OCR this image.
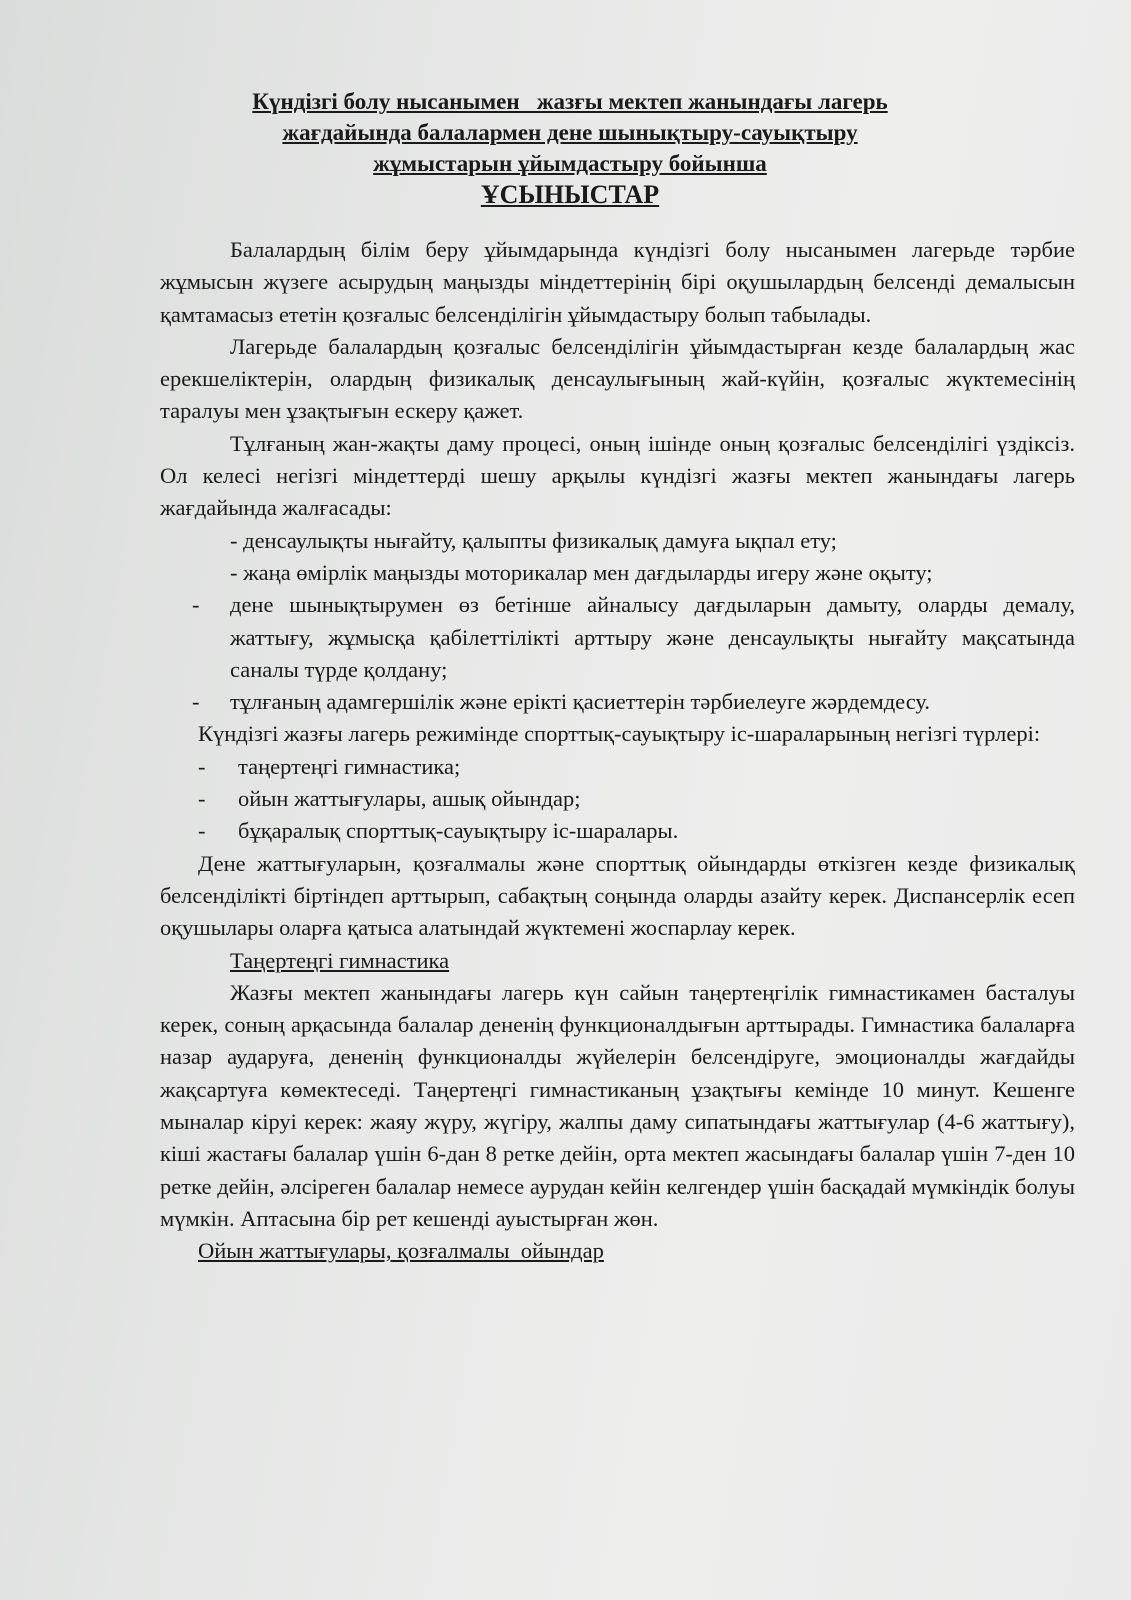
Күндізгі болу нысанымен   жазғы мектеп жанындағы лагерь
жағдайында балалармен дене шынықтыру-сауықтыру
жұмыстарын ұйымдастыру бойынша
ҰСЫНЫСТАР

Балалардың білім беру ұйымдарында күндізгі болу нысанымен лагерьде тәрбие жұмысын жүзеге асырудың маңызды міндеттерінің бірі оқушылардың белсенді демалысын қамтамасыз ететін қозғалыс белсенділігін ұйымдастыру болып табылады.

Лагерьде балалардың қозғалыс белсенділігін ұйымдастырған кезде балалардың жас ерекшеліктерін, олардың физикалық денсаулығының жай-күйін, қозғалыс жүктемесінің таралуы мен ұзақтығын ескеру қажет.

Тұлғаның жан-жақты даму процесі, оның ішінде оның қозғалыс белсенділігі үздіксіз. Ол келесі негізгі міндеттерді шешу арқылы күндізгі жазғы мектеп жанындағы лагерь жағдайында жалғасады:

- денсаулықты нығайту, қалыпты физикалық дамуға ықпал ету;

- жаңа өмірлік маңызды моторикалар мен дағдыларды игеру және оқыту;

-	дене шынықтырумен өз бетінше айналысу дағдыларын дамыту, оларды демалу, жаттығу, жұмысқа қабілеттілікті арттыру және денсаулықты нығайту мақсатында саналы түрде қолдану;
-	тұлғаның адамгершілік және ерікті қасиеттерін тәрбиелеуге жәрдемдесу.

Күндізгі жазғы лагерь режимінде спорттық-сауықтыру іс-шараларының негізгі түрлері:

-	таңертеңгі гимнастика;
-	ойын жаттығулары, ашық ойындар;
-	бұқаралық спорттық-сауықтыру іс-шаралары.

Дене жаттығуларын, қозғалмалы және спорттық ойындарды өткізген кезде физикалық белсенділікті біртіндеп арттырып, сабақтың соңында оларды азайту керек. Диспансерлік есеп оқушылары оларға қатыса алатындай жүктемені жоспарлау керек.

Таңертеңгі гимнастика

Жазғы мектеп жанындағы лагерь күн сайын таңертеңгілік гимнастикамен басталуы керек, соның арқасында балалар дененің функционалдығын арттырады. Гимнастика балаларға назар аударуға, дененің функционалды жүйелерін белсендіруге, эмоционалды жағдайды жақсартуға көмектеседі. Таңертеңгі гимнастиканың ұзақтығы кемінде 10 минут. Кешенге мыналар кіруі керек: жаяу жүру, жүгіру, жалпы даму сипатындағы жаттығулар (4-6 жаттығу), кіші жастағы балалар үшін 6-дан 8 ретке дейін, орта мектеп жасындағы балалар үшін 7-ден 10 ретке дейін, әлсіреген балалар немесе аурудан кейін келгендер үшін басқадай мүмкіндік болуы мүмкін. Аптасына бір рет кешенді ауыстырған жөн.

Ойын жаттығулары, қозғалмалы  ойындар
